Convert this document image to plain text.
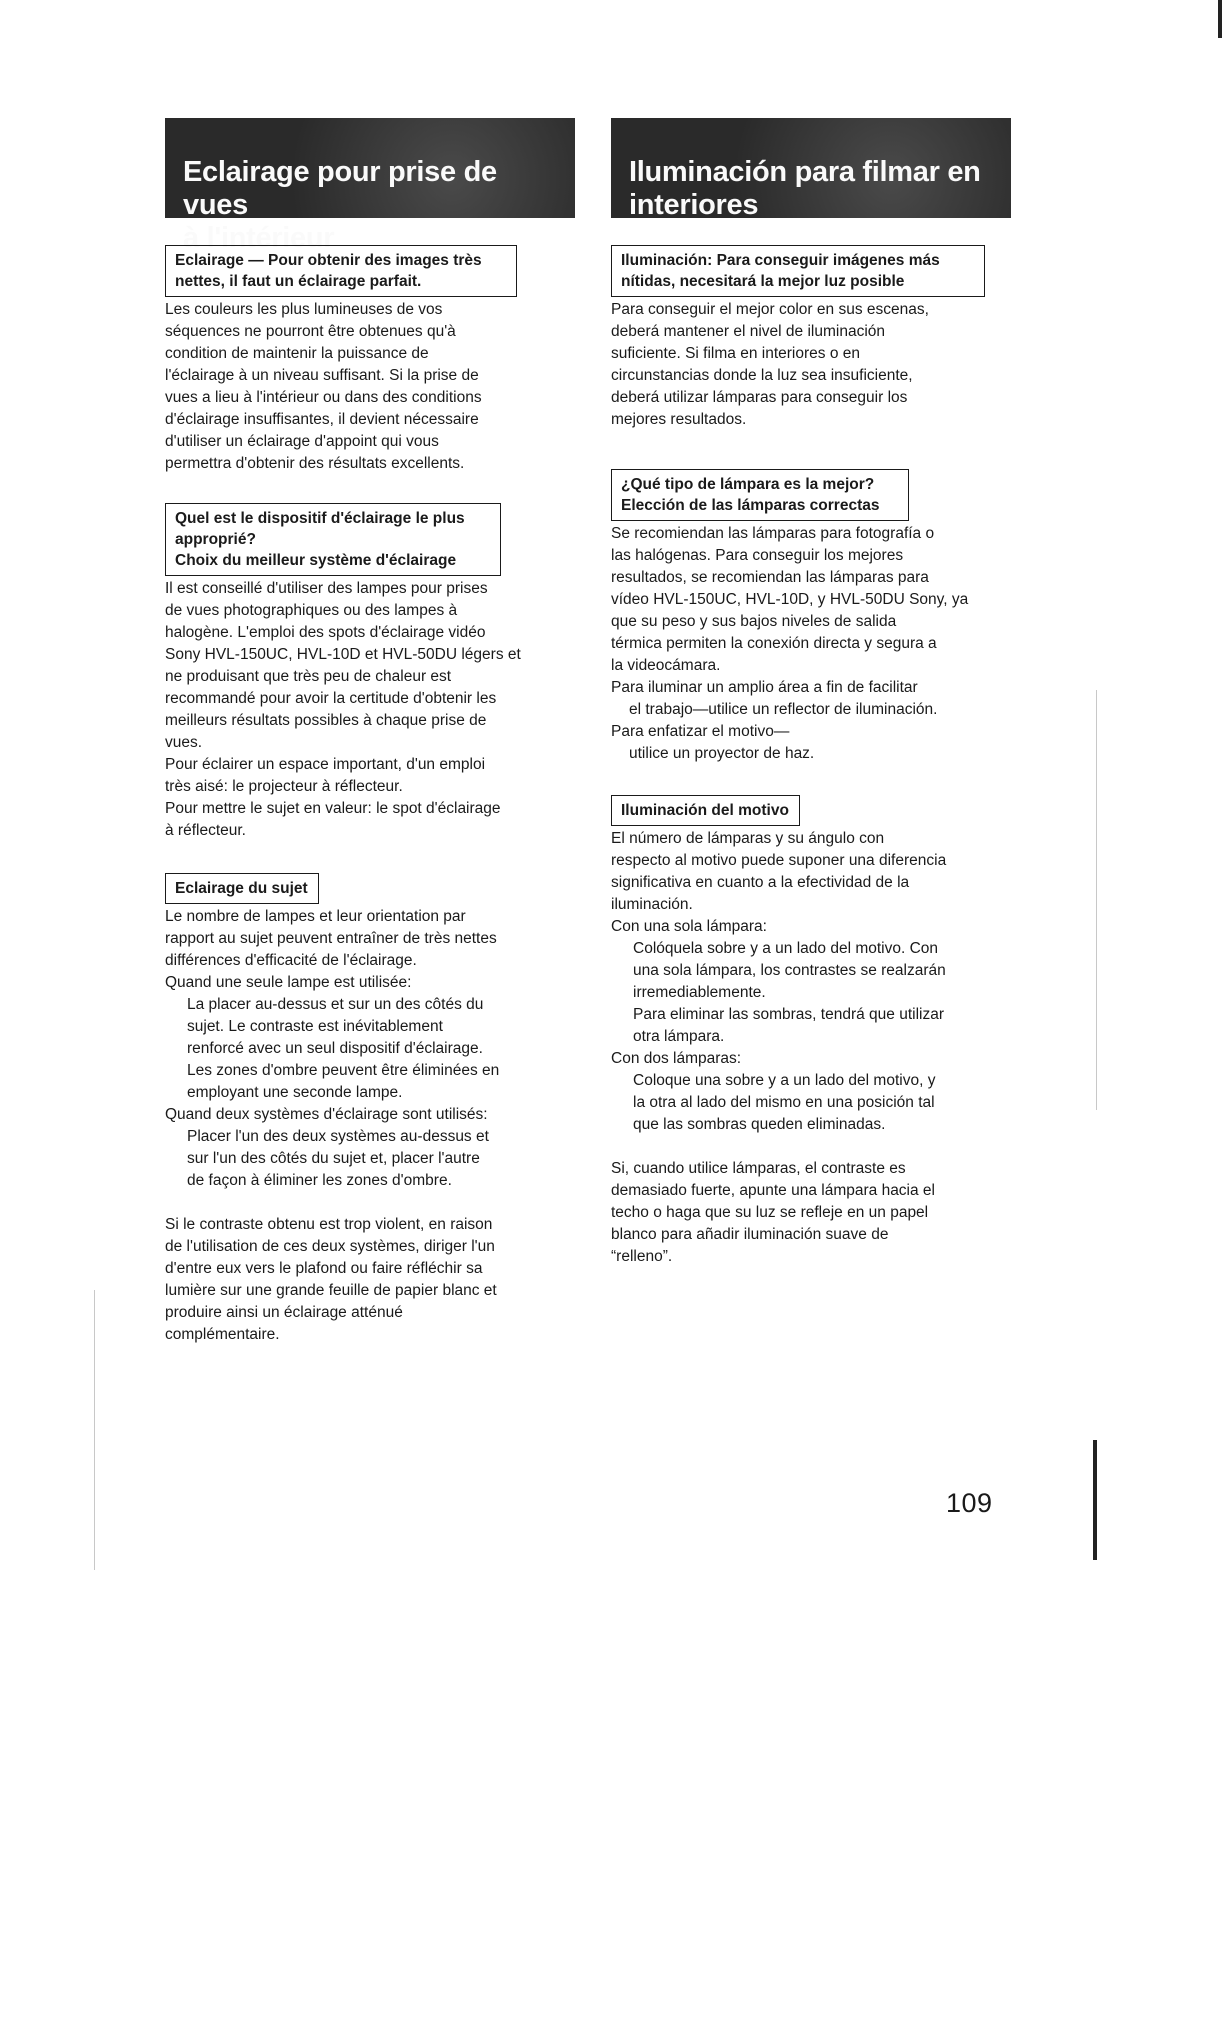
Eclairage pour prise de vues
à l'intérieur
Eclairage — Pour obtenir des images très
nettes, il faut un éclairage parfait.

Les couleurs les plus lumineuses de vos

séquences ne pourront être obtenues qu'à

condition de maintenir la puissance de

l'éclairage à un niveau suffisant. Si la prise de

vues a lieu à l'intérieur ou dans des conditions

d'éclairage insuffisantes, il devient nécessaire

d'utiliser un éclairage d'appoint qui vous

permettra d'obtenir des résultats excellents.

Quel est le dispositif d'éclairage le plus
approprié?
Choix du meilleur système d'éclairage

Il est conseillé d'utiliser des lampes pour prises

de vues photographiques ou des lampes à

halogène. L'emploi des spots d'éclairage vidéo

Sony HVL-150UC, HVL-10D et HVL-50DU légers et

ne produisant que très peu de chaleur est

recommandé pour avoir la certitude d'obtenir les

meilleurs résultats possibles à chaque prise de

vues.

Pour éclairer un espace important, d'un emploi

très aisé: le projecteur à réflecteur.

Pour mettre le sujet en valeur: le spot d'éclairage

à réflecteur.

Eclairage du sujet

Le nombre de lampes et leur orientation par

rapport au sujet peuvent entraîner de très nettes

différences d'efficacité de l'éclairage.

Quand une seule lampe est utilisée:

La placer au-dessus et sur un des côtés du

sujet. Le contraste est inévitablement

renforcé avec un seul dispositif d'éclairage.

Les zones d'ombre peuvent être éliminées en

employant une seconde lampe.

Quand deux systèmes d'éclairage sont utilisés:

Placer l'un des deux systèmes au-dessus et

sur l'un des côtés du sujet et, placer l'autre

de façon à éliminer les zones d'ombre.

Si le contraste obtenu est trop violent, en raison

de l'utilisation de ces deux systèmes, diriger l'un

d'entre eux vers le plafond ou faire réfléchir sa

lumière sur une grande feuille de papier blanc et

produire ainsi un éclairage atténué

complémentaire.

Iluminación para filmar en
interiores
Iluminación: Para conseguir imágenes más
nítidas, necesitará la mejor luz posible

Para conseguir el mejor color en sus escenas,

deberá mantener el nivel de iluminación

suficiente. Si filma en interiores o en

circunstancias donde la luz sea insuficiente,

deberá utilizar lámparas para conseguir los

mejores resultados.

¿Qué tipo de lámpara es la mejor?
Elección de las lámparas correctas

Se recomiendan las lámparas para fotografía o

las halógenas. Para conseguir los mejores

resultados, se recomiendan las lámparas para

vídeo HVL-150UC, HVL-10D, y HVL-50DU Sony, ya

que su peso y sus bajos niveles de salida

térmica permiten la conexión directa y segura a

la videocámara.

Para iluminar un amplio área a fin de facilitar

el trabajo—utilice un reflector de iluminación.

Para enfatizar el motivo—

utilice un proyector de haz.

Iluminación del motivo

El número de lámparas y su ángulo con

respecto al motivo puede suponer una diferencia

significativa en cuanto a la efectividad de la

iluminación.

Con una sola lámpara:

Colóquela sobre y a un lado del motivo. Con

una sola lámpara, los contrastes se realzarán

irremediablemente.

Para eliminar las sombras, tendrá que utilizar

otra lámpara.

Con dos lámparas:

Coloque una sobre y a un lado del motivo, y

la otra al lado del mismo en una posición tal

que las sombras queden eliminadas.

Si, cuando utilice lámparas, el contraste es

demasiado fuerte, apunte una lámpara hacia el

techo o haga que su luz se refleje en un papel

blanco para añadir iluminación suave de

“relleno”.

109
